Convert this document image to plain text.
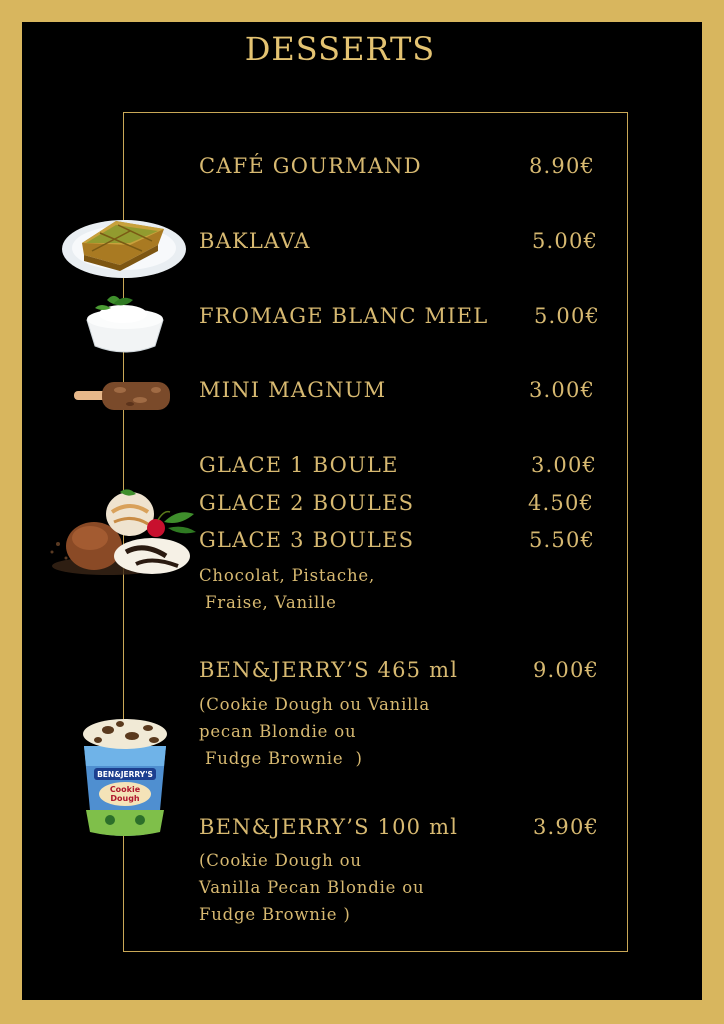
DESSERTS
CAFÉ GOURMAND	8.90€
BAKLAVA	5.00€
FROMAGE BLANC MIEL 5.00€
MINI MAGNUM	3.00€
GLACE 1 BOULE	3.00€
GLACE 2 BOULES	4.50€
GLACE 3 BOULES	5.50€
Chocolat, Pistache,
Fraise, Vanille
BEN&JERRY’S 465 ml	9.00€
(Cookie Dough ou Vanilla
pecan Blondie ou
Fudge Brownie  )
BEN&JERRY’S 100 ml	3.90€
(Cookie Dough ou
Vanilla Pecan Blondie ou
Fudge Brownie )
BEN&JERRY'S
Cookie
Dough
